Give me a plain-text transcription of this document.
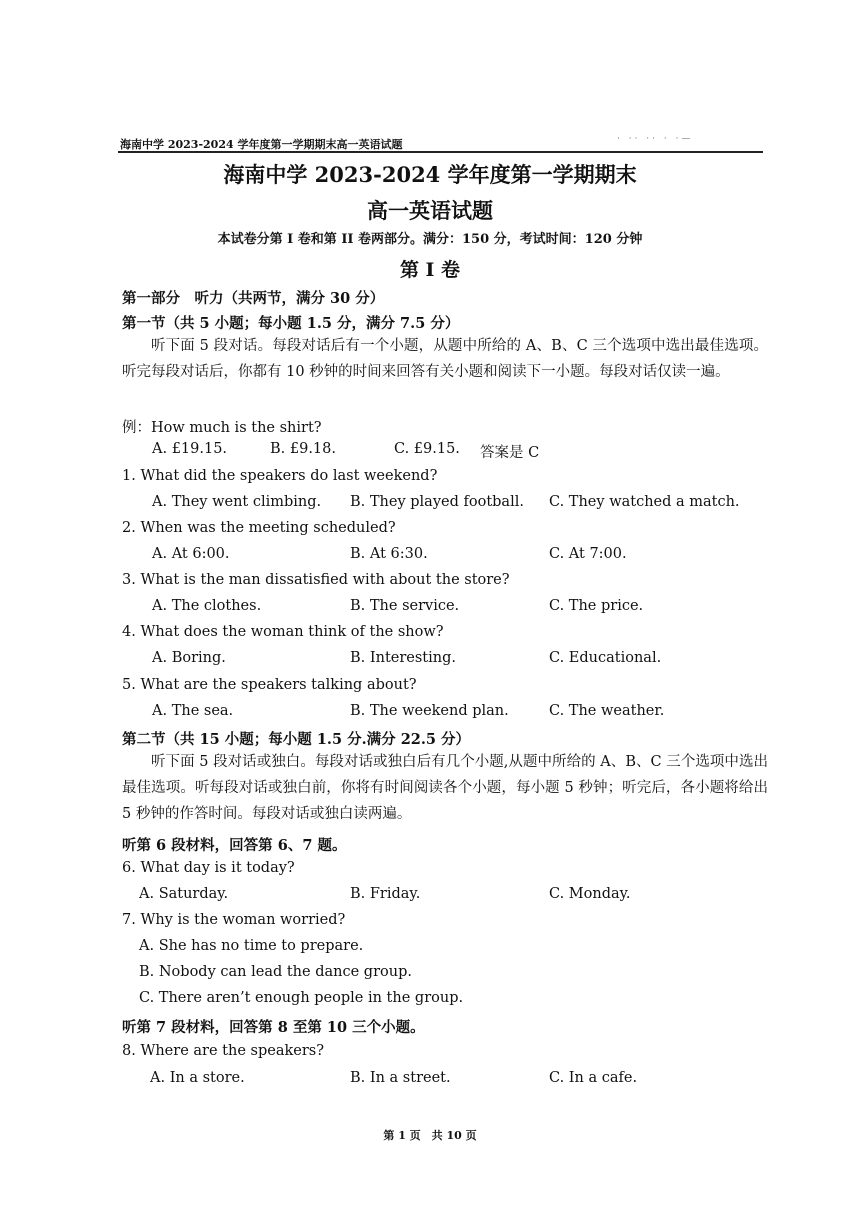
海南中学 2023-2024 学年度第一学期期末高一英语试题	· ·· ·· · ·—
海南中学 2023-2024 学年度第一学期期末
高一英语试题
本试卷分第 I 卷和第 II 卷两部分。满分：150 分，考试时间：120 分钟
第 I 卷
第一部分　听力（共两节，满分 30 分）
第一节（共 5 小题；每小题 1.5 分，满分 7.5 分）
听下面 5 段对话。每段对话后有一个小题，从题中所给的 A、B、C 三个选项中选出最佳选项。听完每段对话后，你都有 10 秒钟的时间来回答有关小题和阅读下一小题。每段对话仅读一遍。
例：How much is the shirt?
A. £19.15.	B. £9.18.	C. £9.15. 答案是 C
1. What did the speakers do last weekend?
A. They went climbing. B. They played football. C. They watched a match.
2. When was the meeting scheduled?
A. At 6:00.	B. At 6:30.	C. At 7:00.
3. What is the man dissatisfied with about the store?
A. The clothes.	B. The service.	C. The price.
4. What does the woman think of the show?
A. Boring.	B. Interesting.	C. Educational.
5. What are the speakers talking about?
A. The sea.	B. The weekend plan.	C. The weather.
第二节（共 15 小题；每小题 1.5 分.满分 22.5 分）
听下面 5 段对话或独白。每段对话或独白后有几个小题,从题中所给的 A、B、C 三个选项中选出最佳选项。听每段对话或独白前，你将有时间阅读各个小题，每小题 5 秒钟；听完后，各小题将给出 5 秒钟的作答时间。每段对话或独白读两遍。
听第 6 段材料，回答第 6、7 题。
6. What day is it today?
A. Saturday.	B. Friday.	C. Monday.
7. Why is the woman worried?
A. She has no time to prepare.
B. Nobody can lead the dance group.
C. There aren’t enough people in the group.
听第 7 段材料，回答第 8 至第 10 三个小题。
8. Where are the speakers?
A. In a store.	B. In a street.	C. In a cafe.
第 1 页　共 10 页
